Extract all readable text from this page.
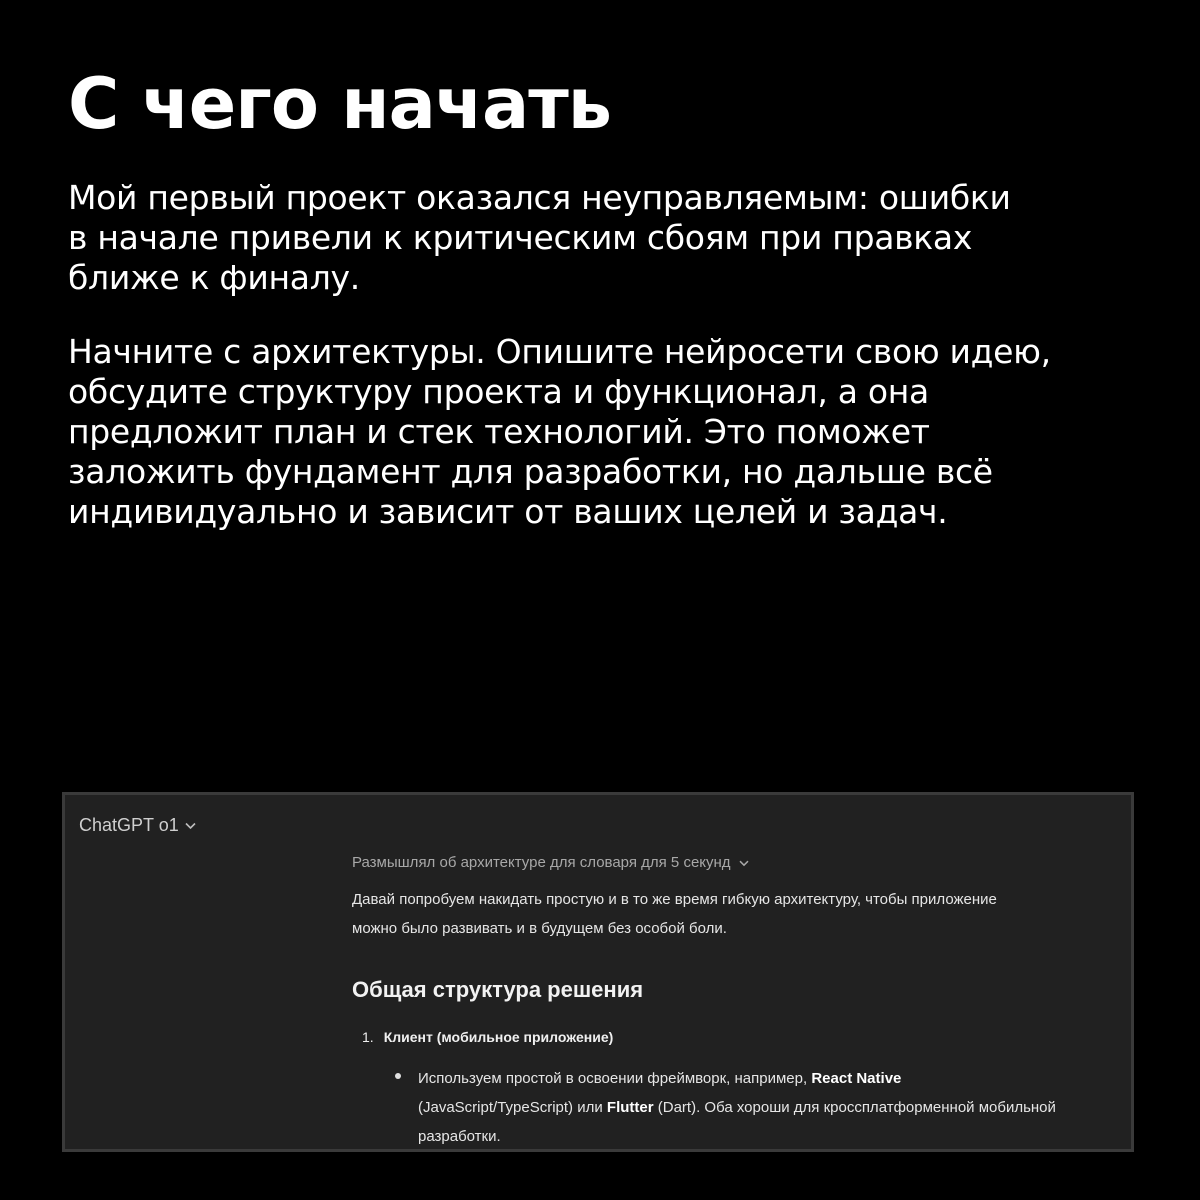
С чего начать

Мой первый проект оказался неуправляемым: ошибки
в начале привели к критическим сбоям при правках
ближе к финалу.

Начните с архитектуры. Опишите нейросети свою идею,
обсудите структуру проекта и функционал, а она
предложит план и стек технологий. Это поможет
заложить фундамент для разработки, но дальше всё
индивидуально и зависит от ваших целей и задач.

ChatGPT o1
Размышлял об архитектуре для словаря для 5 секунд

Давай попробуем накидать простую и в то же время гибкую архитектуру, чтобы приложение
можно было развивать и в будущем без особой боли.

Общая структура решения
1. Клиент (мобильное приложение)

Используем простой в освоении фреймворк, например, React Native
(JavaScript/TypeScript) или Flutter (Dart). Оба хороши для кроссплатформенной мобильной
разработки.
